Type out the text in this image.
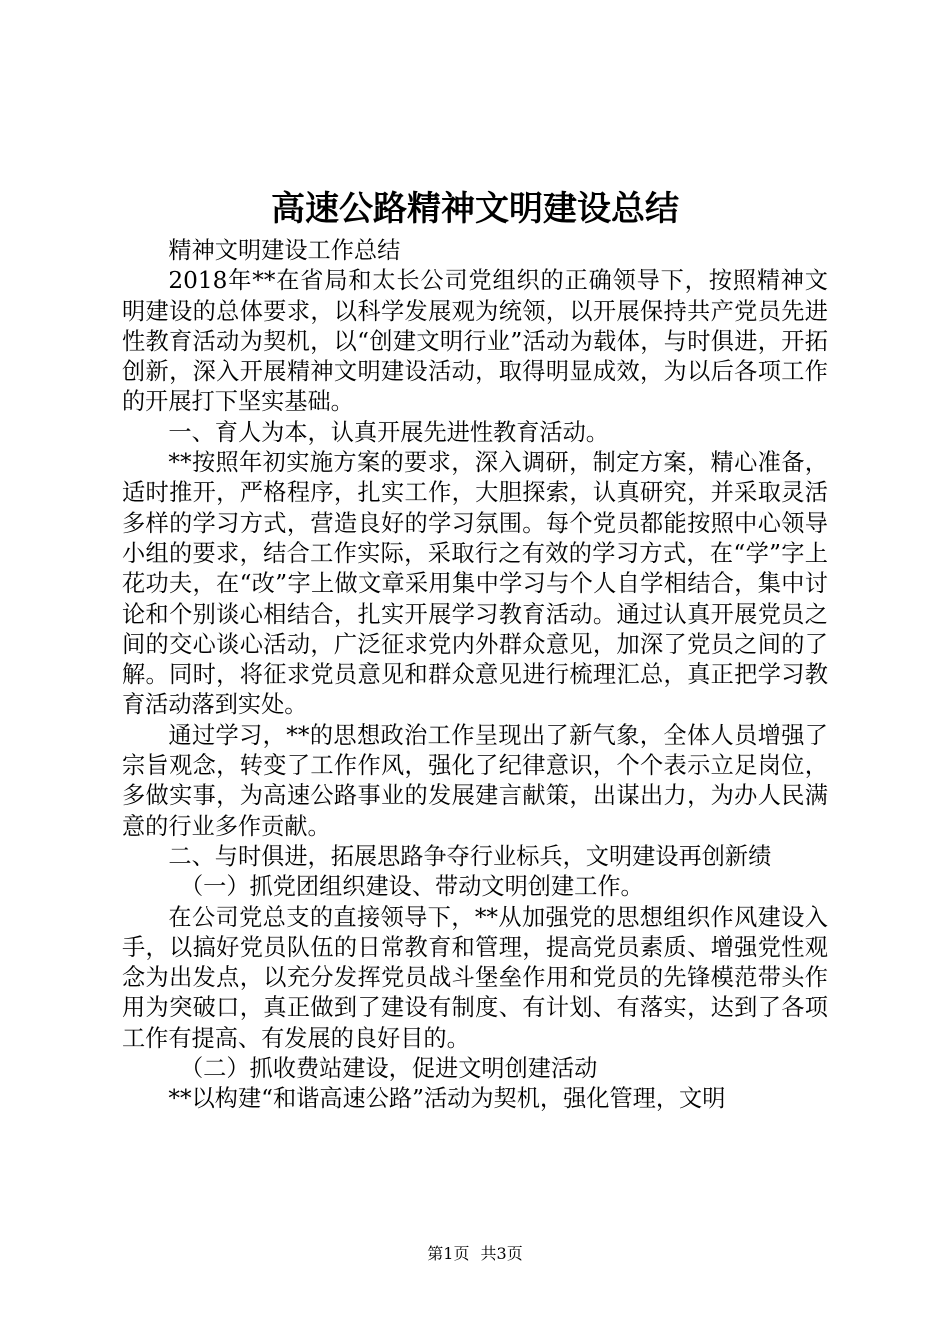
高速公路精神文明建设总结

精神文明建设工作总结

2018年**在省局和太长公司党组织的正确领导下，按照精神文明建设的总体要求，以科学发展观为统领，以开展保持共产党员先进性教育活动为契机，以“创建文明行业”活动为载体，与时俱进，开拓创新，深入开展精神文明建设活动，取得明显成效，为以后各项工作的开展打下坚实基础。

一、育人为本，认真开展先进性教育活动。

**按照年初实施方案的要求，深入调研，制定方案，精心准备，适时推开，严格程序，扎实工作，大胆探索，认真研究，并采取灵活多样的学习方式，营造良好的学习氛围。每个党员都能按照中心领导小组的要求，结合工作实际，采取行之有效的学习方式，在“学”字上花功夫，在“改”字上做文章采用集中学习与个人自学相结合，集中讨论和个别谈心相结合，扎实开展学习教育活动。通过认真开展党员之间的交心谈心活动，广泛征求党内外群众意见，加深了党员之间的了解。同时，将征求党员意见和群众意见进行梳理汇总，真正把学习教育活动落到实处。

通过学习，**的思想政治工作呈现出了新气象，全体人员增强了宗旨观念，转变了工作作风，强化了纪律意识，个个表示立足岗位，多做实事，为高速公路事业的发展建言献策，出谋出力，为办人民满意的行业多作贡献。

二、与时俱进，拓展思路争夺行业标兵，文明建设再创新绩

（一）抓党团组织建设、带动文明创建工作。

在公司党总支的直接领导下，**从加强党的思想组织作风建设入手，以搞好党员队伍的日常教育和管理，提高党员素质、增强党性观念为出发点，以充分发挥党员战斗堡垒作用和党员的先锋模范带头作用为突破口，真正做到了建设有制度、有计划、有落实，达到了各项工作有提高、有发展的良好目的。

（二）抓收费站建设，促进文明创建活动

**以构建“和谐高速公路”活动为契机，强化管理，文明

第1页 共3页
